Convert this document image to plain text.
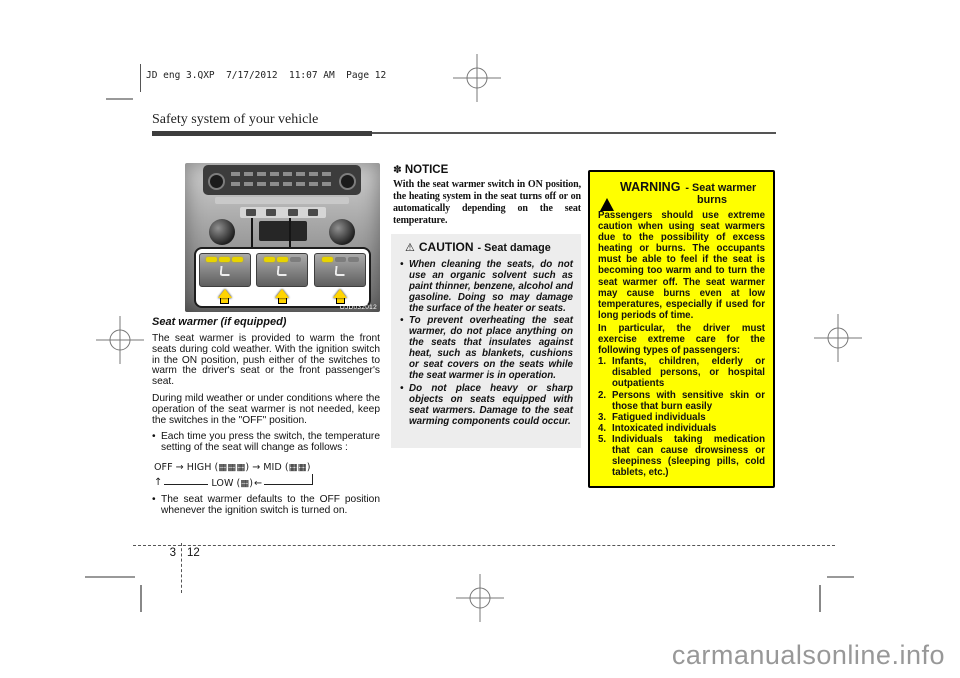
JD eng 3.QXP  7/17/2012  11:07 AM  Page 12
Safety system of your vehicle
OJD032012
Seat warmer (if equipped)
The seat warmer is provided to warm the front seats during cold weather. With the ignition switch in the ON position, push either of the switches to warm the driver's seat or the front passenger's seat.
During mild weather or under conditions where the operation of the seat warmer is not needed, keep the switches in the "OFF" position.
• Each time you press the switch, the temperature setting of the seat will change as follows :
OFF → HIGH (▦▦▦) → MID (▦▦)
↑	LOW (▦) ←
• The seat warmer defaults to the OFF position whenever the ignition switch is turned on.
✽ NOTICE
With the seat warmer switch in ON position, the heating system in the seat turns off or on automatically depending on the seat temperature.
⚠ CAUTION - Seat damage
• When cleaning the seats, do not use an organic solvent such as paint thinner, benzene, alcohol and gasoline. Doing so may damage the surface of the heater or seats.
• To prevent overheating the seat warmer, do not place anything on the seats that insulates against heat, such as blankets, cushions or seat covers on the seats while the seat warmer is in operation.
• Do not place heavy or sharp objects on seats equipped with seat warmers. Damage to the seat warming components could occur.
! WARNING - Seat warmer
burns
Passengers should use extreme caution when using seat warmers due to the possibility of excess heating or burns. The occupants must be able to feel if the seat is becoming too warm and to turn the seat warmer off. The seat warmer may cause burns even at low temperatures, especially if used for long periods of time.
In particular, the driver must exercise extreme care for the following types of passengers:
1. Infants, children, elderly or disabled persons, or hospital outpatients
2. Persons with sensitive skin or those that burn easily
3. Fatigued individuals
4. Intoxicated individuals
5. Individuals taking medication that can cause drowsiness or sleepiness (sleeping pills, cold tablets, etc.)
3 12
carmanualsonline.info
